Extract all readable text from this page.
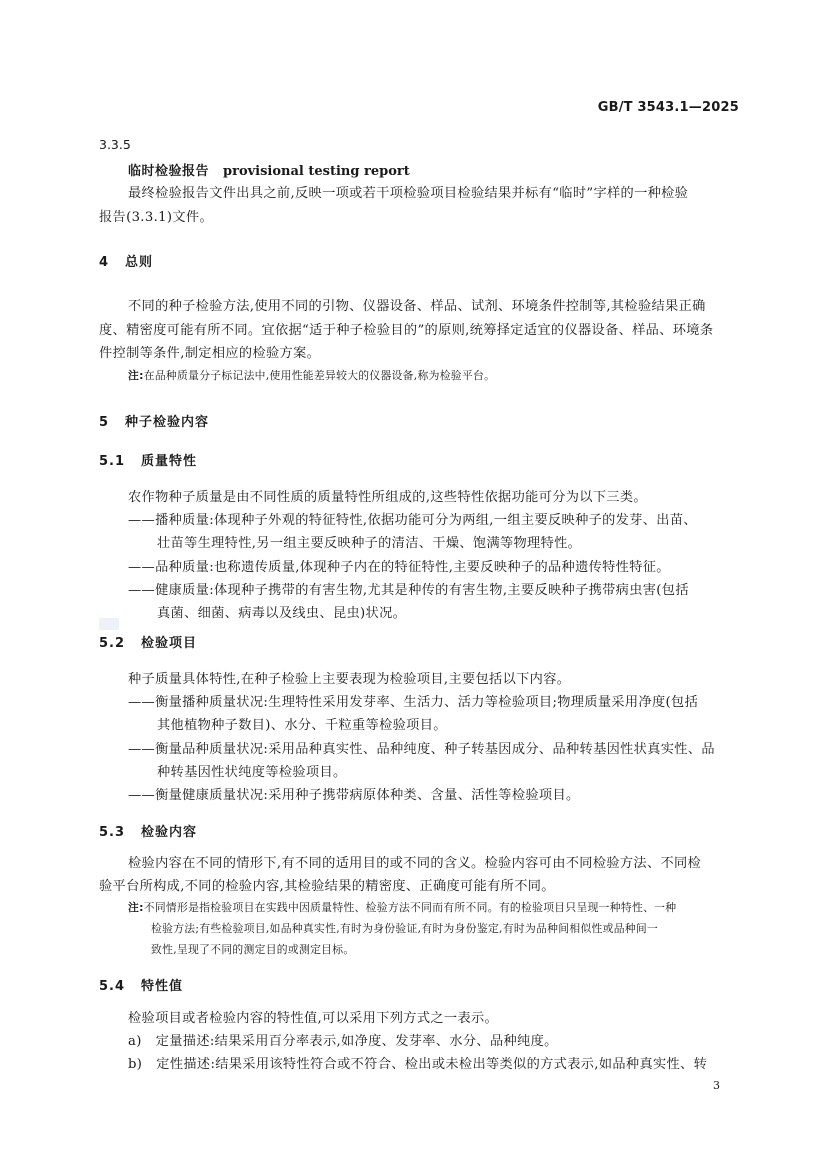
GB/T 3543.1—2025
3.3.5
临时检验报告 provisional testing report
最终检验报告文件出具之前,反映一项或若干项检验项目检验结果并标有“临时”字样的一种检验
报告(3.3.1)文件。
4 总则
不同的种子检验方法,使用不同的引物、仪器设备、样品、试剂、环境条件控制等,其检验结果正确
度、精密度可能有所不同。宜依据“适于种子检验目的”的原则,统筹择定适宜的仪器设备、样品、环境条
件控制等条件,制定相应的检验方案。
注:在品种质量分子标记法中,使用性能差异较大的仪器设备,称为检验平台。
5 种子检验内容
5.1 质量特性
农作物种子质量是由不同性质的质量特性所组成的,这些特性依据功能可分为以下三类。
——播种质量:体现种子外观的特征特性,依据功能可分为两组,一组主要反映种子的发芽、出苗、
壮苗等生理特性,另一组主要反映种子的清洁、干燥、饱满等物理特性。
——品种质量:也称遗传质量,体现种子内在的特征特性,主要反映种子的品种遗传特性特征。
——健康质量:体现种子携带的有害生物,尤其是种传的有害生物,主要反映种子携带病虫害(包括
真菌、细菌、病毒以及线虫、昆虫)状况。
5.2 检验项目
种子质量具体特性,在种子检验上主要表现为检验项目,主要包括以下内容。
——衡量播种质量状况:生理特性采用发芽率、生活力、活力等检验项目;物理质量采用净度(包括
其他植物种子数目)、水分、千粒重等检验项目。
——衡量品种质量状况:采用品种真实性、品种纯度、种子转基因成分、品种转基因性状真实性、品
种转基因性状纯度等检验项目。
——衡量健康质量状况:采用种子携带病原体种类、含量、活性等检验项目。
5.3 检验内容
检验内容在不同的情形下,有不同的适用目的或不同的含义。检验内容可由不同检验方法、不同检
验平台所构成,不同的检验内容,其检验结果的精密度、正确度可能有所不同。
注:不同情形是指检验项目在实践中因质量特性、检验方法不同而有所不同。有的检验项目只呈现一种特性、一种
检验方法;有些检验项目,如品种真实性,有时为身份验证,有时为身份鉴定,有时为品种间相似性或品种间一
致性,呈现了不同的测定目的或测定目标。
5.4 特性值
检验项目或者检验内容的特性值,可以采用下列方式之一表示。
a) 定量描述:结果采用百分率表示,如净度、发芽率、水分、品种纯度。
b) 定性描述:结果采用该特性符合或不符合、检出或未检出等类似的方式表示,如品种真实性、转
3
